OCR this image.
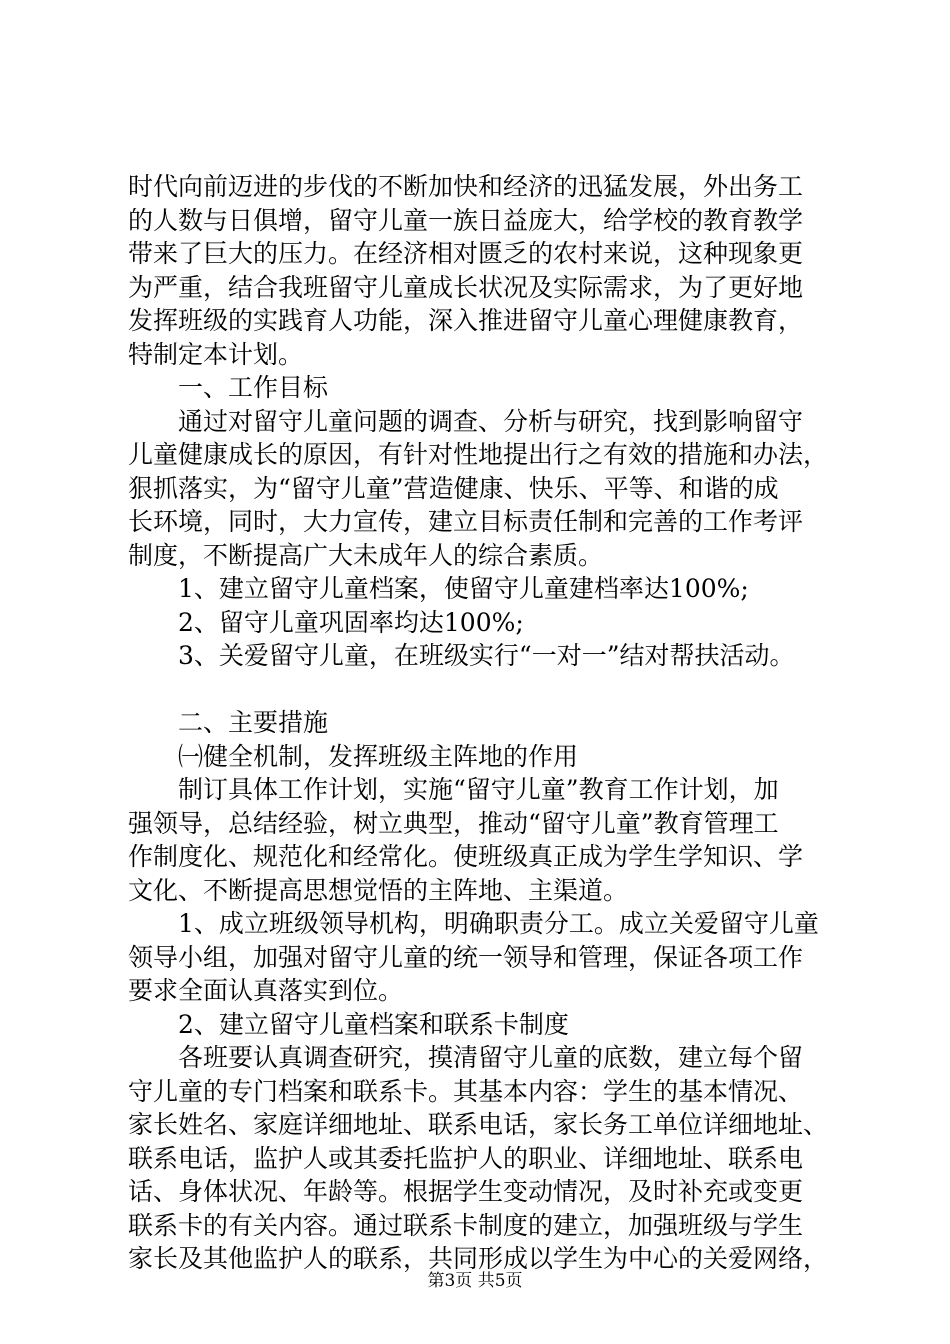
时代向前迈进的步伐的不断加快和经济的迅猛发展，外出务工
的人数与日俱增，留守儿童一族日益庞大，给学校的教育教学
带来了巨大的压力。在经济相对匮乏的农村来说，这种现象更
为严重，结合我班留守儿童成长状况及实际需求，为了更好地
发挥班级的实践育人功能，深入推进留守儿童心理健康教育，
特制定本计划。
一、工作目标
通过对留守儿童问题的调查、分析与研究，找到影响留守
儿童健康成长的原因，有针对性地提出行之有效的措施和办法，
狠抓落实，为“留守儿童”营造健康、快乐、平等、和谐的成
长环境，同时，大力宣传，建立目标责任制和完善的工作考评
制度，不断提高广大未成年人的综合素质。
1、建立留守儿童档案，使留守儿童建档率达100%;
2、留守儿童巩固率均达100%;
3、关爱留守儿童，在班级实行“一对一”结对帮扶活动。
二、主要措施
㈠健全机制，发挥班级主阵地的作用
制订具体工作计划，实施“留守儿童”教育工作计划，加
强领导，总结经验，树立典型，推动“留守儿童”教育管理工
作制度化、规范化和经常化。使班级真正成为学生学知识、学
文化、不断提高思想觉悟的主阵地、主渠道。
1、成立班级领导机构，明确职责分工。成立关爱留守儿童
领导小组，加强对留守儿童的统一领导和管理，保证各项工作
要求全面认真落实到位。
2、建立留守儿童档案和联系卡制度
各班要认真调查研究，摸清留守儿童的底数，建立每个留
守儿童的专门档案和联系卡。其基本内容：学生的基本情况、
家长姓名、家庭详细地址、联系电话，家长务工单位详细地址、
联系电话，监护人或其委托监护人的职业、详细地址、联系电
话、身体状况、年龄等。根据学生变动情况，及时补充或变更
联系卡的有关内容。通过联系卡制度的建立，加强班级与学生
家长及其他监护人的联系，共同形成以学生为中心的关爱网络，
第3页 共5页
